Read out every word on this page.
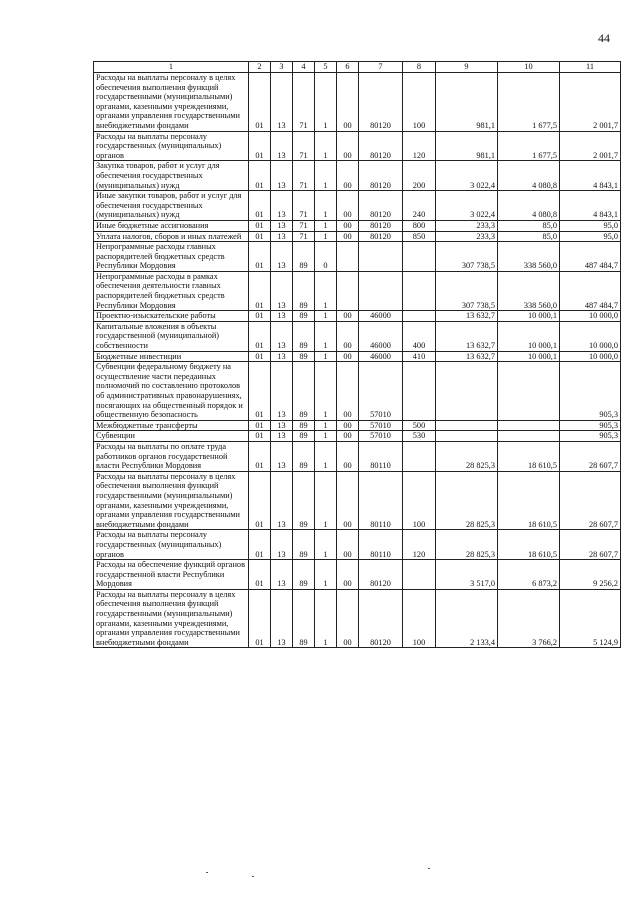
44
1	2	3	4	5	6	7	8	9	10	11
Расходы на выплаты персоналу в целях обеспечения выполнения функций государственными (муниципальными) органами, казенными учреждениями, органами управления государственными внебюджетными фондами	01	13	71	1	00	80120	100	981,1	1 677,5	2 001,7
Расходы на выплаты персоналу государственных (муниципальных) органов	01	13	71	1	00	80120	120	981,1	1 677,5	2 001,7
Закупка товаров, работ и услуг для обеспечения государственных (муниципальных) нужд	01	13	71	1	00	80120	200	3 022,4	4 080,8	4 843,1
Иные закупки товаров, работ и услуг для обеспечения государственных (муниципальных) нужд	01	13	71	1	00	80120	240	3 022,4	4 080,8	4 843,1
Иные бюджетные ассигнования	01	13	71	1	00	80120	800	233,3	85,0	95,0
Уплата налогов, сборов и иных платежей	01	13	71	1	00	80120	850	233,3	85,0	95,0
Непрограммные расходы главных распорядителей бюджетных средств Республики Мордовия	01	13	89	0				307 738,5	338 560,0	487 484,7
Непрограммные расходы в рамках обеспечения деятельности главных распорядителей бюджетных средств Республики Мордовия	01	13	89	1				307 738,5	338 560,0	487 484,7
Проектно-изыскательские работы	01	13	89	1	00	46000		13 632,7	10 000,1	10 000,0
Капитальные вложения в объекты государственной (муниципальной) собственности	01	13	89	1	00	46000	400	13 632,7	10 000,1	10 000,0
Бюджетные инвестиции	01	13	89	1	00	46000	410	13 632,7	10 000,1	10 000,0
Субвенции федеральному бюджету на осуществление части переданных полномочий по составлению протоколов об административных правонарушениях, посягающих на общественный порядок и общественную безопасность	01	13	89	1	00	57010				905,3
Межбюджетные трансферты	01	13	89	1	00	57010	500			905,3
Субвенции	01	13	89	1	00	57010	530			905,3
Расходы на выплаты по оплате труда работников органов государственной власти Республики Мордовия	01	13	89	1	00	80110		28 825,3	18 610,5	28 607,7
Расходы на выплаты персоналу в целях обеспечения выполнения функций государственными (муниципальными) органами, казенными учреждениями, органами управления государственными внебюджетными фондами	01	13	89	1	00	80110	100	28 825,3	18 610,5	28 607,7
Расходы на выплаты персоналу государственных (муниципальных) органов	01	13	89	1	00	80110	120	28 825,3	18 610,5	28 607,7
Расходы на обеспечение функций органов государственной власти Республики Мордовия	01	13	89	1	00	80120		3 517,0	6 873,2	9 256,2
Расходы на выплаты персоналу в целях обеспечения выполнения функций государственными (муниципальными) органами, казенными учреждениями, органами управления государственными внебюджетными фондами	01	13	89	1	00	80120	100	2 133,4	3 766,2	5 124,9
